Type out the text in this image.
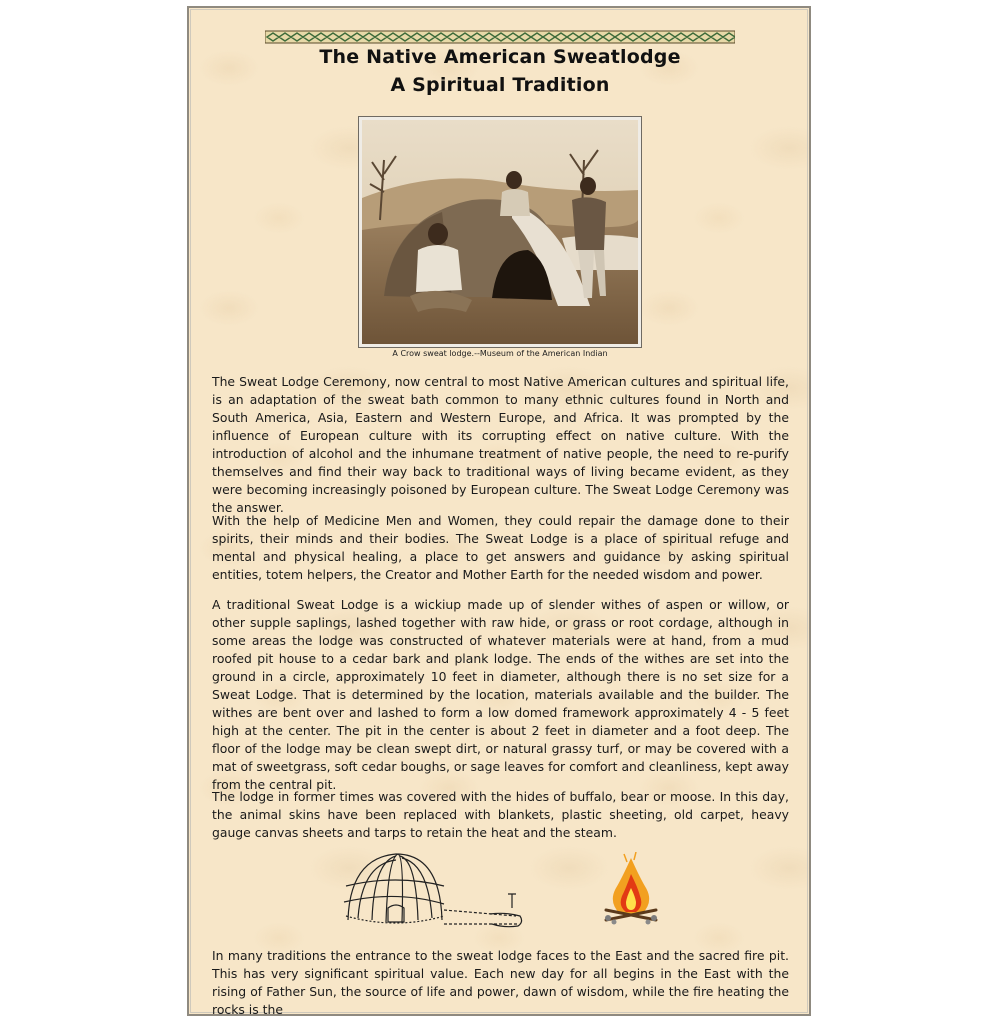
The Native American Sweatlodge
A Spiritual Tradition
A Crow sweat lodge.--Museum of the American Indian

The Sweat Lodge Ceremony, now central to most Native American cultures and spiritual life, is an adaptation of the sweat bath common to many ethnic cultures found in North and South America, Asia, Eastern and Western Europe, and Africa. It was prompted by the influence of European culture with its corrupting effect on native culture. With the introduction of alcohol and the inhumane treatment of native people, the need to re-purify themselves and find their way back to traditional ways of living became evident, as they were becoming increasingly poisoned by European culture. The Sweat Lodge Ceremony was the answer.

With the help of Medicine Men and Women, they could repair the damage done to their spirits, their minds and their bodies. The Sweat Lodge is a place of spiritual refuge and mental and physical healing, a place to get answers and guidance by asking spiritual entities, totem helpers, the Creator and Mother Earth for the needed wisdom and power.

A traditional Sweat Lodge is a wickiup made up of slender withes of aspen or willow, or other supple saplings, lashed together with raw hide, or grass or root cordage, although in some areas the lodge was constructed of whatever materials were at hand, from a mud roofed pit house to a cedar bark and plank lodge. The ends of the withes are set into the ground in a circle, approximately 10 feet in diameter, although there is no set size for a Sweat Lodge. That is determined by the location, materials available and the builder. The withes are bent over and lashed to form a low domed framework approximately 4 - 5 feet high at the center. The pit in the center is about 2 feet in diameter and a foot deep. The floor of the lodge may be clean swept dirt, or natural grassy turf, or may be covered with a mat of sweetgrass, soft cedar boughs, or sage leaves for comfort and cleanliness, kept away from the central pit.

The lodge in former times was covered with the hides of buffalo, bear or moose. In this day, the animal skins have been replaced with blankets, plastic sheeting, old carpet, heavy gauge canvas sheets and tarps to retain the heat and the steam.

In many traditions the entrance to the sweat lodge faces to the East and the sacred fire pit. This has very significant spiritual value. Each new day for all begins in the East with the rising of Father Sun, the source of life and power, dawn of wisdom, while the fire heating the rocks is the
